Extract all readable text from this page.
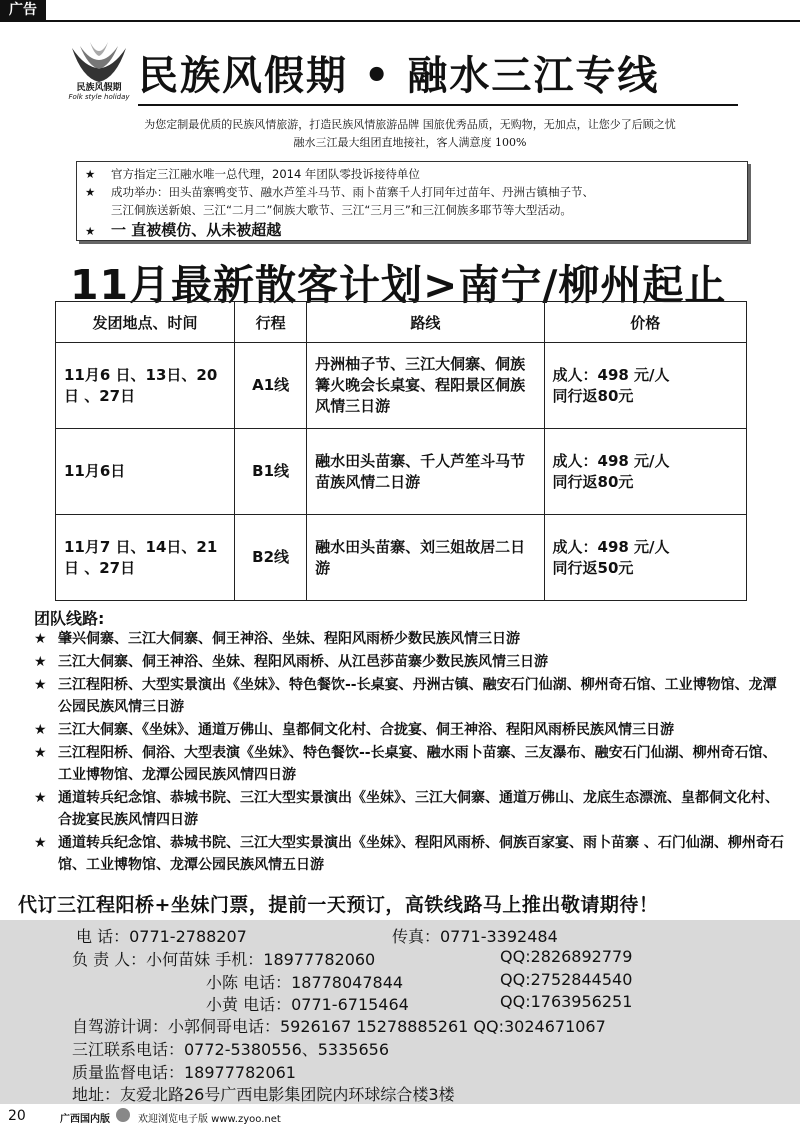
广告
民族风假期
Folk style holiday 民族风假期 • 融水三江专线
为您定制最优质的民族风情旅游，打造民族风情旅游品牌 国旅优秀品质，无购物，无加点，让您少了后顾之忧
融水三江最大组团直地接社，客人满意度 100%
★ 官方指定三江融水唯一总代理，2014 年团队零投诉接待单位
★ 成功举办：田头苗寨鸭变节、融水芦笙斗马节、雨卜苗寨千人打同年过苗年、丹洲古镇柚子节、
三江侗族送新娘、三江“二月二”侗族大歌节、三江“三月三”和三江侗族多耶节等大型活动。
★ 一 直被模仿、从未被超越
11月最新散客计划>南宁/柳州起止
发团地点、时间	行程	路线	价格
11月6 日、13日、20日 、27日	A1线	丹洲柚子节、三江大侗寨、侗族篝火晚会长桌宴、程阳景区侗族风情三日游	成人：498 元/人
同行返80元

11月6日	B1线	融水田头苗寨、千人芦笙斗马节苗族风情二日游	成人：498 元/人
同行返80元

11月7 日、14日、21日 、27日	B2线	融水田头苗寨、刘三姐故居二日游	成人：498 元/人
同行返50元
团队线路:
★ 肇兴侗寨、三江大侗寨、侗王神浴、坐妹、程阳风雨桥少数民族风情三日游
★ 三江大侗寨、侗王神浴、坐妹、程阳风雨桥、从江邑莎苗寨少数民族风情三日游
★ 三江程阳桥、大型实景演出《坐妹》、特色餐饮--长桌宴、丹洲古镇、融安石门仙湖、柳州奇石馆、工业博物馆、龙潭公园民族风情三日游
★ 三江大侗寨、《坐妹》、通道万佛山、皇都侗文化村、合拢宴、侗王神浴、程阳风雨桥民族风情三日游
★ 三江程阳桥、侗浴、大型表演《坐妹》、特色餐饮--长桌宴、融水雨卜苗寨、三友瀑布、融安石门仙湖、柳州奇石馆、工业博物馆、龙潭公园民族风情四日游
★ 通道转兵纪念馆、恭城书院、三江大型实景演出《坐妹》、三江大侗寨、通道万佛山、龙底生态漂流、皇都侗文化村、合拢宴民族风情四日游
★ 通道转兵纪念馆、恭城书院、三江大型实景演出《坐妹》、程阳风雨桥、侗族百家宴、雨卜苗寨 、石门仙湖、柳州奇石馆、工业博物馆、龙潭公园民族风情五日游
代订三江程阳桥+坐妹门票，提前一天预订，高铁线路马上推出敬请期待！
电 话：0771-2788207	传真：0771-3392484
负 责 人：小何苗妹 手机：18977782060	QQ:2826892779
小陈 电话：18778047844	QQ:2752844540
小黄 电话：0771-6715464	QQ:1763956251
自驾游计调：小郭侗哥电话：5926167 15278885261 QQ:3024671067
三江联系电话：0772-5380556、5335656
质量监督电话：18977782061
地址：友爱北路26号广西电影集团院内环球综合楼3楼
20	广西国内版	欢迎浏览电子版 www.zyoo.net
